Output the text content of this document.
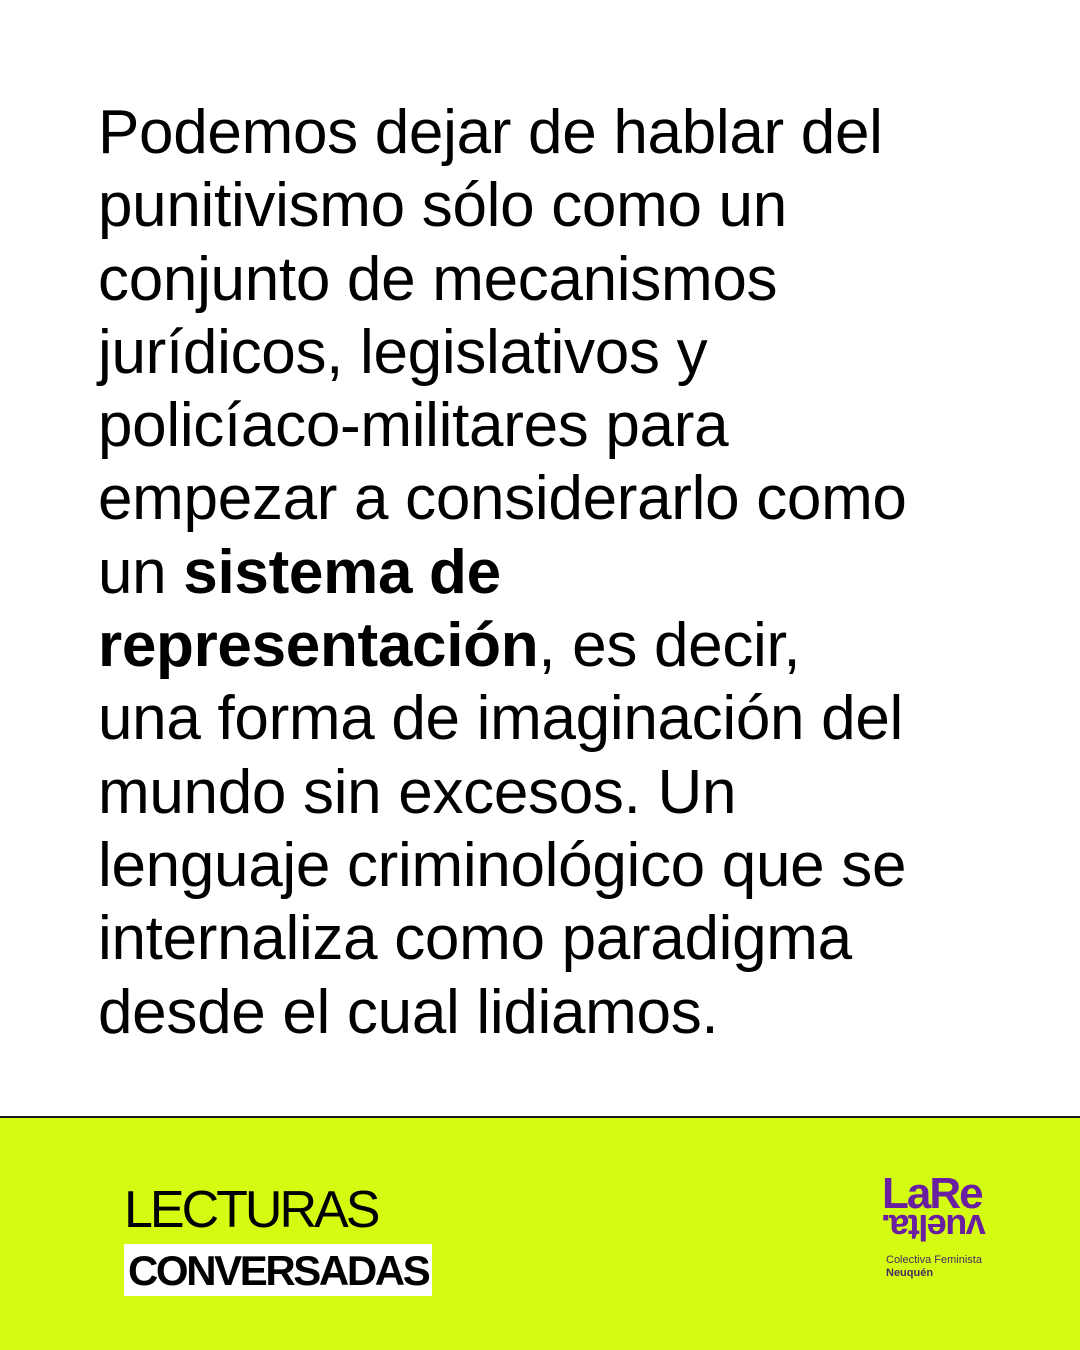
Podemos dejar de hablar del
punitivismo sólo como un
conjunto de mecanismos
jurídicos, legislativos y
policíaco-militares para
empezar a considerarlo como
un sistema de
representación, es decir,
una forma de imaginación del
mundo sin excesos. Un
lenguaje criminológico que se
internaliza como paradigma
desde el cual lidiamos.

LECTURAS
CONVERSADAS
LaRe
vuelta.
Colectiva Feminista
Neuquén
